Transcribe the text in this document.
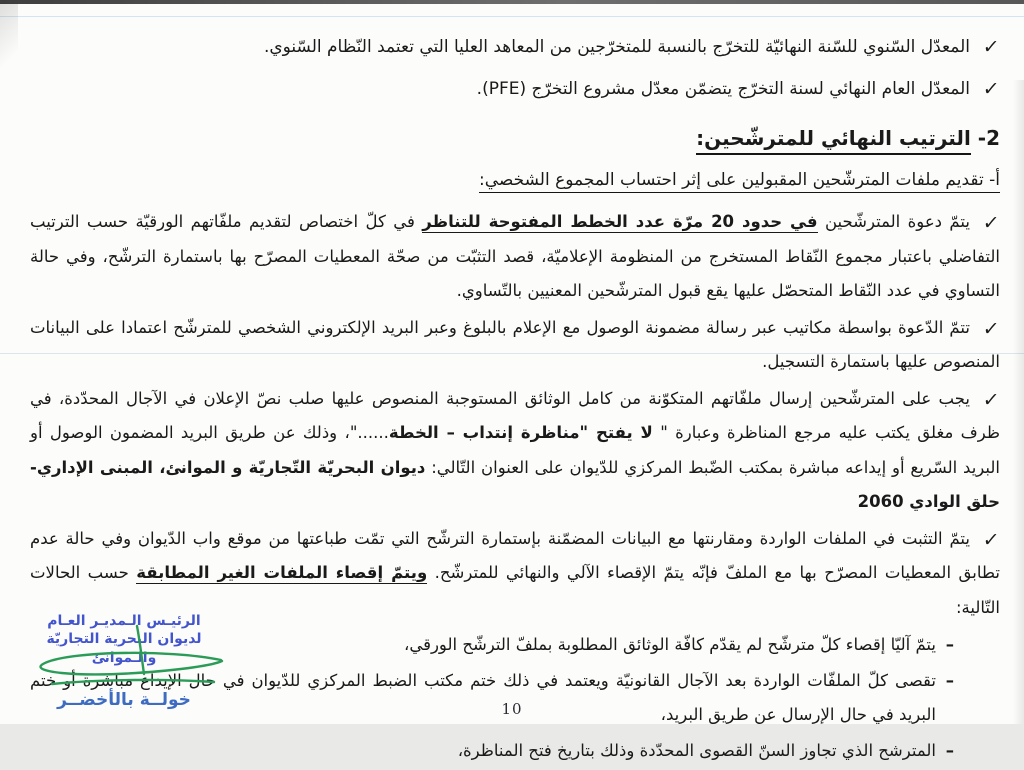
✓
المعدّل السّنوي للسّنة النهائيّة للتخرّج بالنسبة للمتخرّجين من المعاهد العليا التي تعتمد النّظام السّنوي.
✓
المعدّل العام النهائي لسنة التخرّج يتضمّن معدّل مشروع التخرّج (PFE).
2- الترتيب النهائي للمترشّحين:
أ- تقديم ملفات المترشّحين المقبولين على إثر احتساب المجموع الشخصي:

✓
يتمّ دعوة المترشّحين في حدود 20 مرّة عدد الخطط المفتوحة للتناظر في كلّ اختصاص لتقديم ملفّاتهم الورقيّة حسب الترتيب التفاضلي باعتبار مجموع النّقاط المستخرج من المنظومة الإعلاميّة، قصد التثبّت من صحّة المعطيات المصرّح بها باستمارة الترشّح، وفي حالة التساوي في عدد النّقاط المتحصّل عليها يقع قبول المترشّحين المعنيين بالتّساوي.

✓
تتمّ الدّعوة بواسطة مكاتيب عبر رسالة مضمونة الوصول مع الإعلام بالبلوغ وعبر البريد الإلكتروني الشخصي للمترشّح اعتمادا على البيانات المنصوص عليها باستمارة التسجيل.

✓
يجب على المترشّحين إرسال ملفّاتهم المتكوّنة من كامل الوثائق المستوجبة المنصوص عليها صلب نصّ الإعلان في الآجال المحدّدة، في ظرف مغلق يكتب عليه مرجع المناظرة وعبارة " لا يفتح "مناظرة إنتداب – الخطة......"، وذلك عن طريق البريد المضمون الوصول أو البريد السّريع أو إيداعه مباشرة بمكتب الضّبط المركزي للدّيوان على العنوان التّالي: ديوان البحريّة التّجاريّة و الموانئ، المبنى الإداري- حلق الوادي 2060

✓
يتمّ التثبت في الملفات الواردة ومقارنتها مع البيانات المضمّنة بإستمارة الترشّح التي تمّت طباعتها من موقع واب الدّيوان وفي حالة عدم تطابق المعطيات المصرّح بها مع الملفّ فإنّه يتمّ الإقصاء الآلي والنهائي للمترشّح. ويتمّ إقصاء الملفات الغير المطابقة حسب الحالات التّالية:

–
يتمّ آليّا إقصاء كلّ مترشّح لم يقدّم كافّة الوثائق المطلوبة بملفّ الترشّح الورقي،

–
تقصى كلّ الملفّات الواردة بعد الآجال القانونيّة ويعتمد في ذلك ختم مكتب الضبط المركزي للدّيوان في حال الإيداع مباشرة أو ختم البريد في حال الإرسال عن طريق البريد،

–
المترشح الذي تجاوز السنّ القصوى المحدّدة وذلك بتاريخ فتح المناظرة،

الرئيـس الـمديـر العـام
لديوان البحرية التجاريّة والـموانئ
خولــة بالأخضــر	10
